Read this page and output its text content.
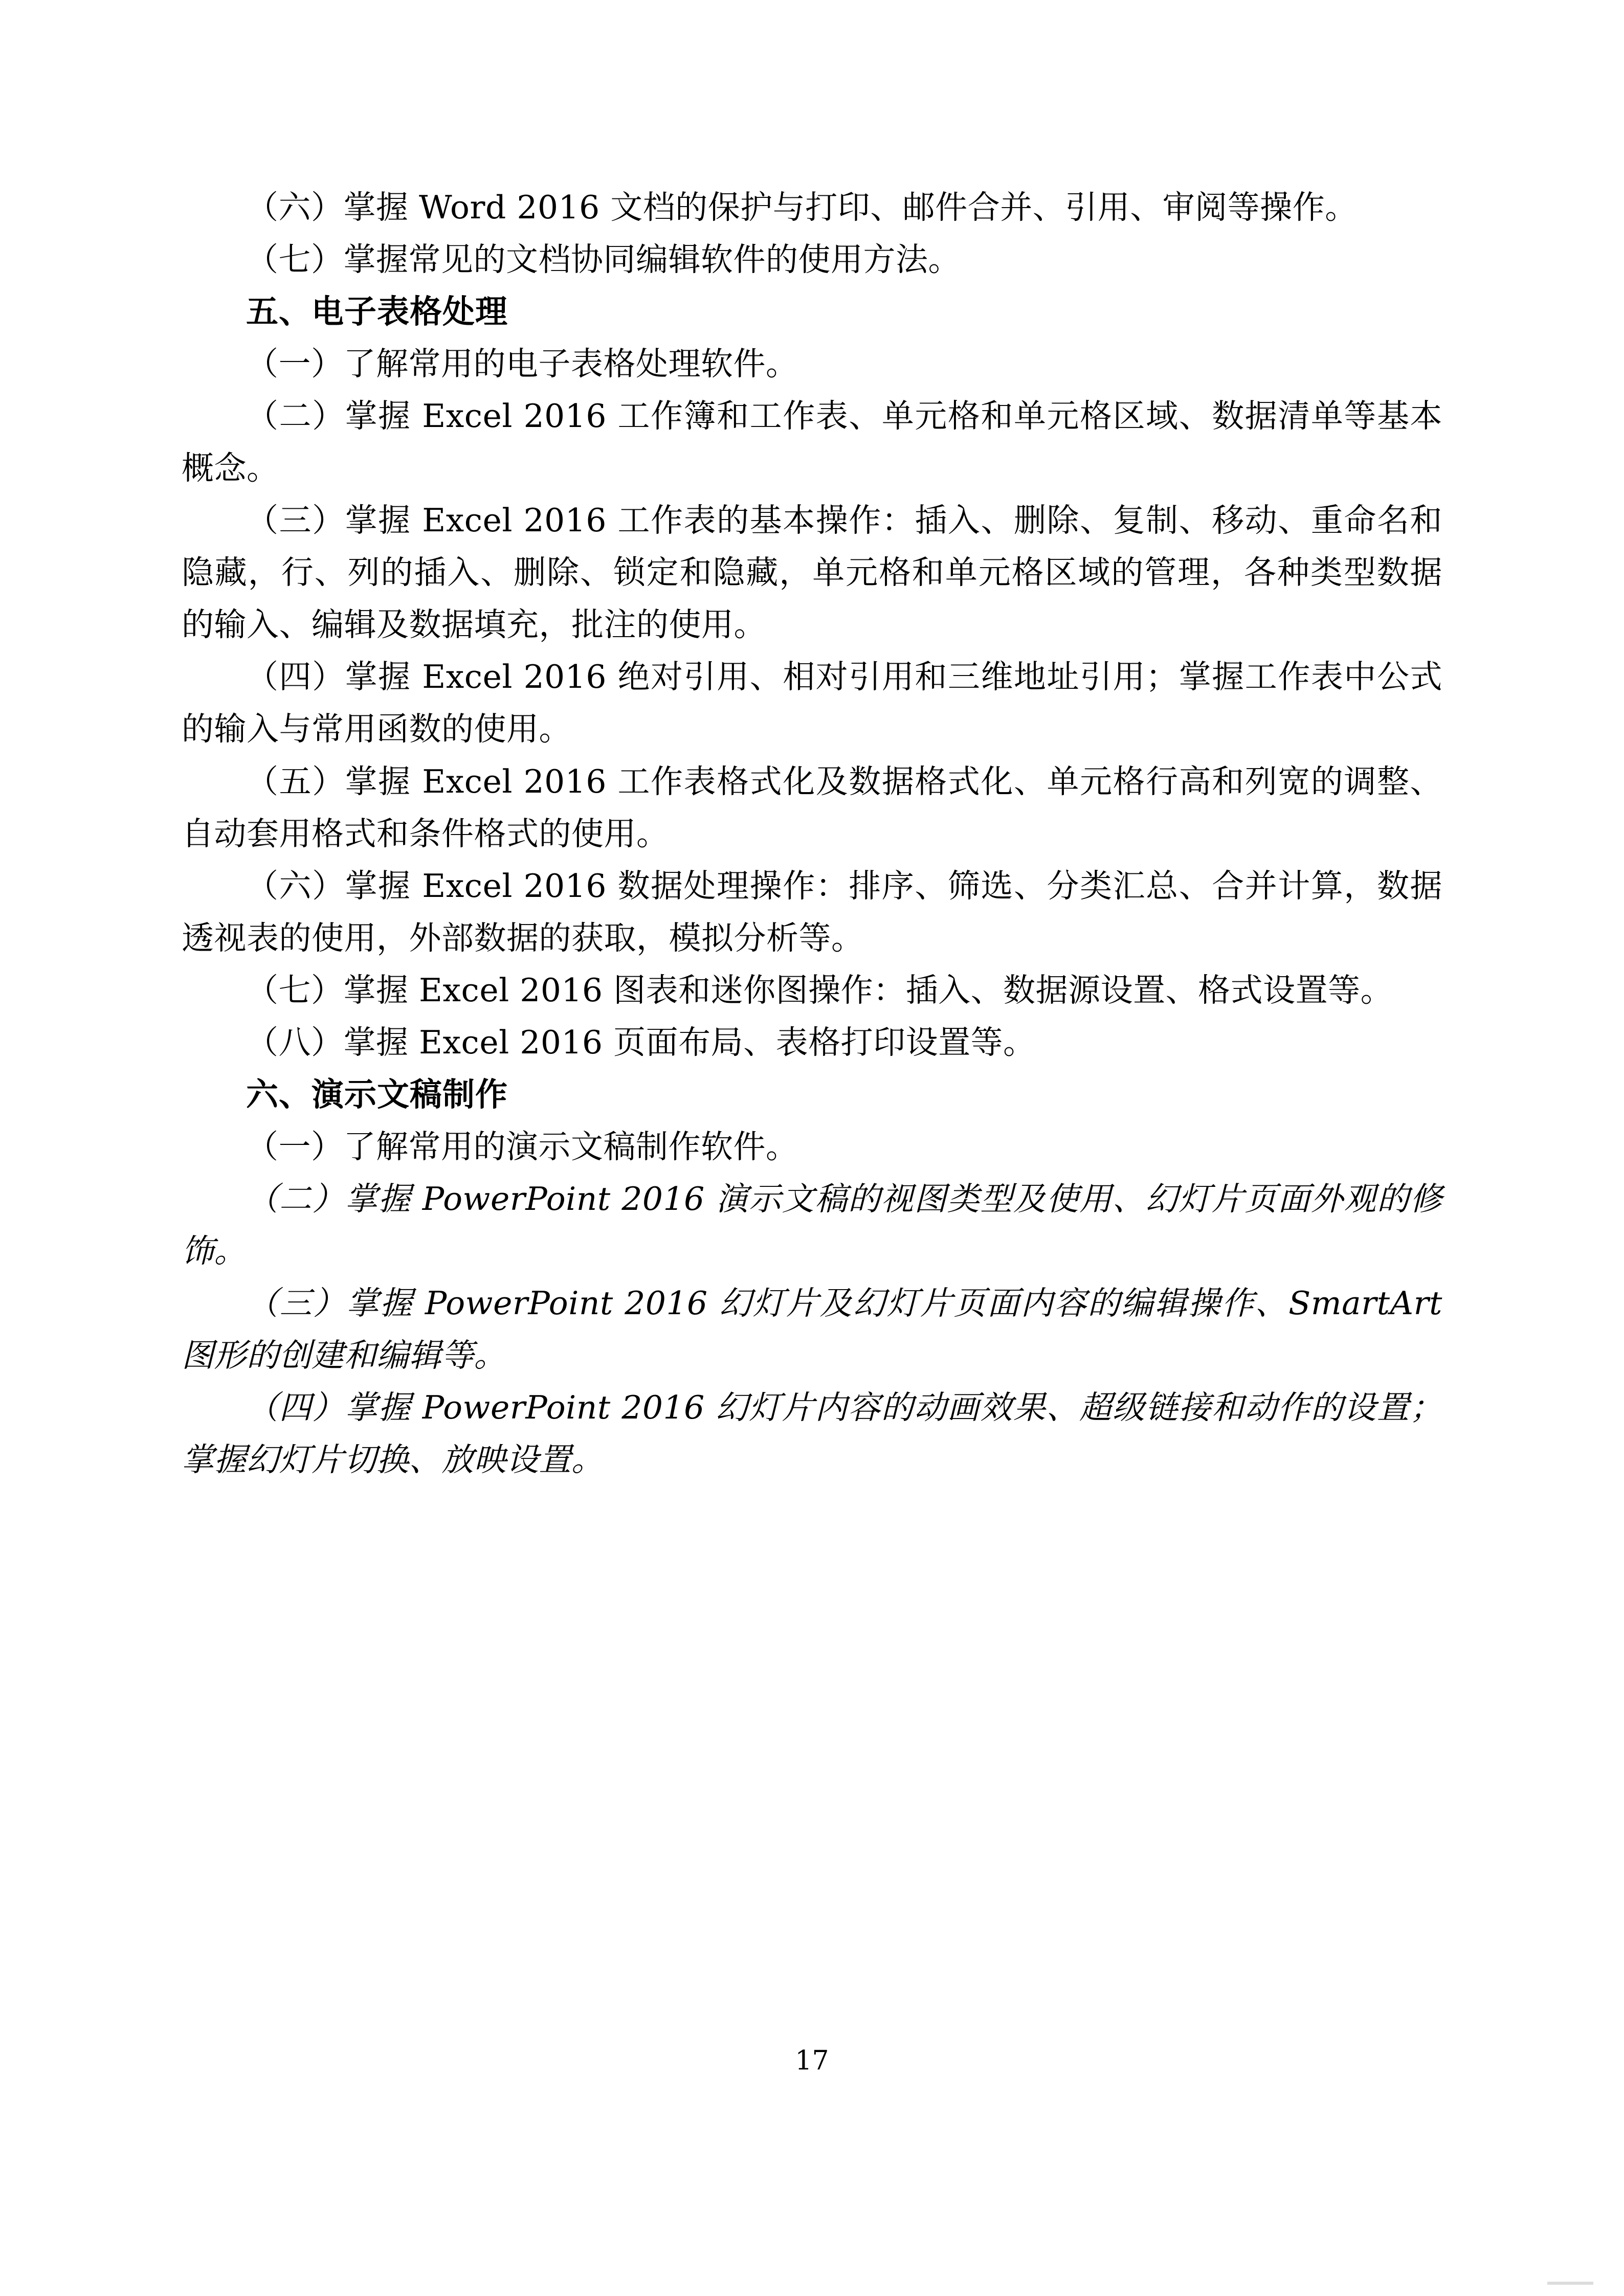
（六）掌握 Word 2016 文档的保护与打印、邮件合并、引用、审阅等操作。

（七）掌握常见的文档协同编辑软件的使用方法。

五、电子表格处理

（一）了解常用的电子表格处理软件。

（二）掌握 Excel 2016 工作簿和工作表、单元格和单元格区域、数据清单等基本概念。

（三）掌握 Excel 2016 工作表的基本操作：插入、删除、复制、移动、重命名和隐藏，行、列的插入、删除、锁定和隐藏，单元格和单元格区域的管理，各种类型数据的输入、编辑及数据填充，批注的使用。

（四）掌握 Excel 2016 绝对引用、相对引用和三维地址引用；掌握工作表中公式的输入与常用函数的使用。

（五）掌握 Excel 2016 工作表格式化及数据格式化、单元格行高和列宽的调整、自动套用格式和条件格式的使用。

（六）掌握 Excel 2016 数据处理操作：排序、筛选、分类汇总、合并计算，数据透视表的使用，外部数据的获取，模拟分析等。

（七）掌握 Excel 2016 图表和迷你图操作：插入、数据源设置、格式设置等。

（八）掌握 Excel 2016 页面布局、表格打印设置等。

六、演示文稿制作

（一）了解常用的演示文稿制作软件。

（二）掌握 PowerPoint 2016 演示文稿的视图类型及使用、幻灯片页面外观的修饰。

（三）掌握 PowerPoint 2016 幻灯片及幻灯片页面内容的编辑操作、SmartArt 图形的创建和编辑等。

（四）掌握 PowerPoint 2016 幻灯片内容的动画效果、超级链接和动作的设置；掌握幻灯片切换、放映设置。

17
